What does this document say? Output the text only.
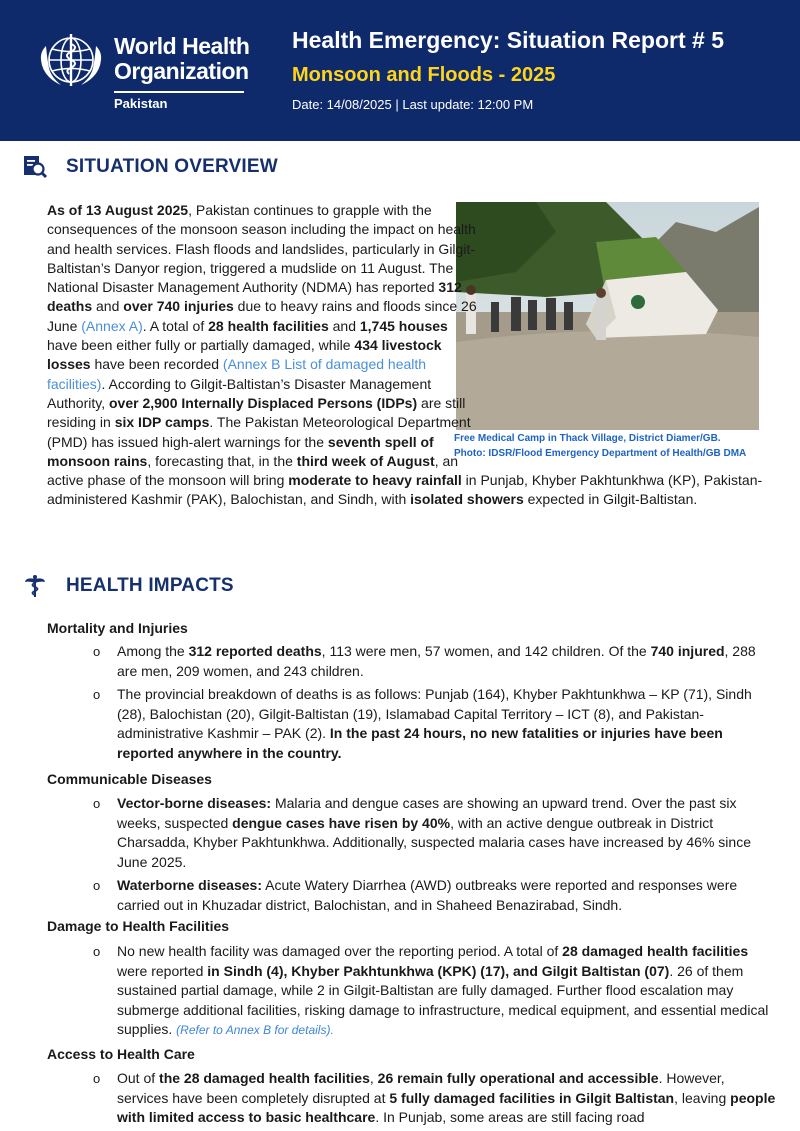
World Health
Organization
Pakistan
Health Emergency: Situation Report # 5
Monsoon and Floods - 2025
Date: 14/08/2025 | Last update: 12:00 PM
SITUATION OVERVIEW
Free Medical Camp in Thack Village, District Diamer/GB.
Photo: IDSR/Flood Emergency Department of Health/GB DMA
As of 13 August 2025, Pakistan continues to grapple with the consequences of the monsoon season including the impact on health and health services. Flash floods and landslides, particularly in Gilgit-Baltistan’s Danyor region, triggered a mudslide on 11 August. The National Disaster Management Authority (NDMA) has reported 312 deaths and over 740 injuries due to heavy rains and floods since 26 June (Annex A). A total of 28 health facilities and 1,745 houses have been either fully or partially damaged, while 434 livestock losses have been recorded (Annex B List of damaged health facilities). According to Gilgit-Baltistan’s Disaster Management Authority, over 2,900 Internally Displaced Persons (IDPs) are still residing in six IDP camps. The Pakistan Meteorological Department (PMD) has issued high-alert warnings for the seventh spell of monsoon rains, forecasting that, in the third week of August, an active phase of the monsoon will bring moderate to heavy rainfall in Punjab, Khyber Pakhtunkhwa (KP), Pakistan-administered Kashmir (PAK), Balochistan, and Sindh, with isolated showers expected in Gilgit-Baltistan.
HEALTH IMPACTS
Mortality and Injuries
o Among the 312 reported deaths, 113 were men, 57 women, and 142 children. Of the 740 injured, 288 are men, 209 women, and 243 children.
o The provincial breakdown of deaths is as follows: Punjab (164), Khyber Pakhtunkhwa – KP (71), Sindh (28), Balochistan (20), Gilgit-Baltistan (19), Islamabad Capital Territory – ICT (8), and Pakistan-administrative Kashmir – PAK (2). In the past 24 hours, no new fatalities or injuries have been reported anywhere in the country.
Communicable Diseases
o Vector-borne diseases: Malaria and dengue cases are showing an upward trend. Over the past six weeks, suspected dengue cases have risen by 40%, with an active dengue outbreak in District Charsadda, Khyber Pakhtunkhwa. Additionally, suspected malaria cases have increased by 46% since June 2025.
o Waterborne diseases: Acute Watery Diarrhea (AWD) outbreaks were reported and responses were carried out in Khuzadar district, Balochistan, and in Shaheed Benazirabad, Sindh.
Damage to Health Facilities
o No new health facility was damaged over the reporting period. A total of 28 damaged health facilities were reported in Sindh (4), Khyber Pakhtunkhwa (KPK) (17), and Gilgit Baltistan (07). 26 of them sustained partial damage, while 2 in Gilgit-Baltistan are fully damaged. Further flood escalation may submerge additional facilities, risking damage to infrastructure, medical equipment, and essential medical supplies. (Refer to Annex B for details).
Access to Health Care
o Out of the 28 damaged health facilities, 26 remain fully operational and accessible. However, services have been completely disrupted at 5 fully damaged facilities in Gilgit Baltistan, leaving people with limited access to basic healthcare. In Punjab, some areas are still facing road
